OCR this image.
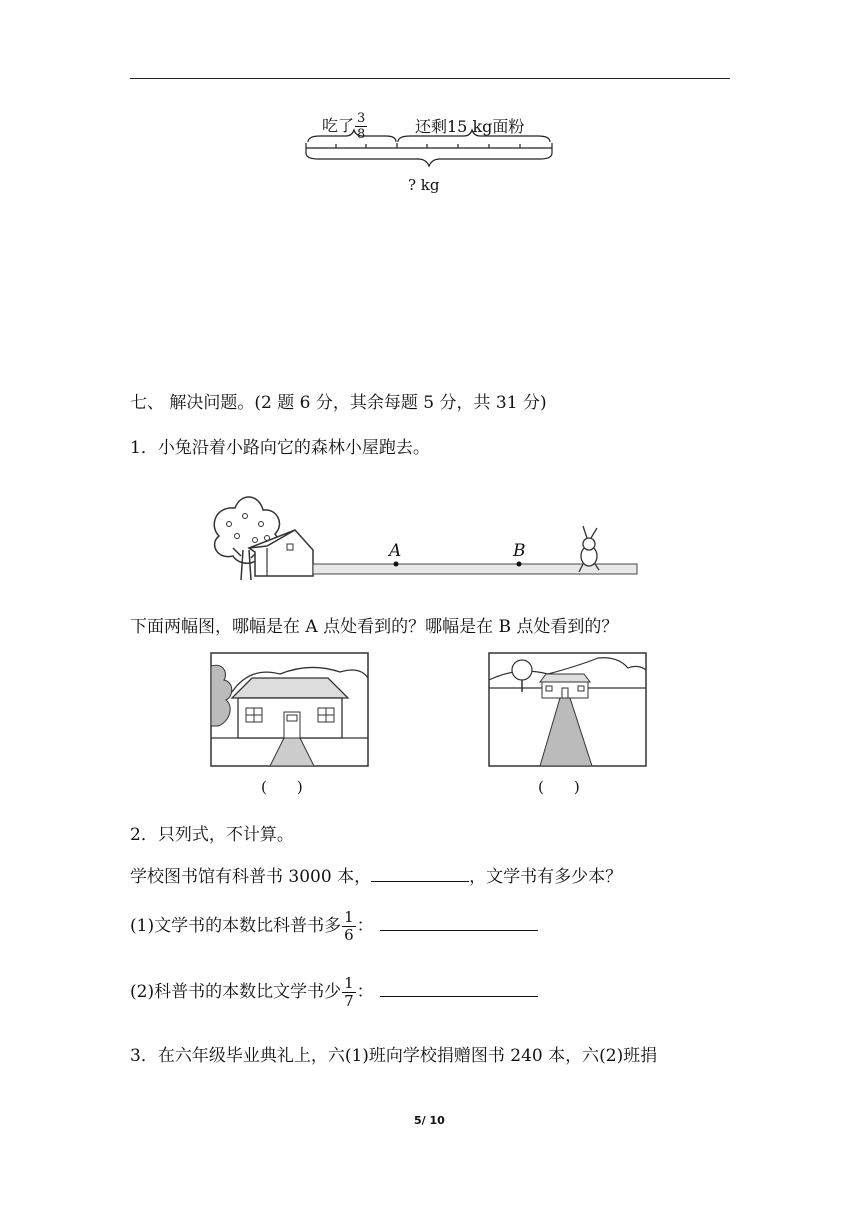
吃了 $\frac{3}{8}$	还剩15 kg面粉
? kg
七、 解决问题。(2 题 6 分，其余每题 5 分，共 31 分)
1．小兔沿着小路向它的森林小屋跑去。
A	B
下面两幅图，哪幅是在 A 点处看到的？哪幅是在 B 点处看到的？
(　　)	(　　)
2．只列式，不计算。
学校图书馆有科普书 3000 本，	，文学书有多少本？
(1)文学书的本数比科普书多 $\frac{1}{6}$ ：
(2)科普书的本数比文学书少 $\frac{1}{7}$ ：
3．在六年级毕业典礼上，六(1)班向学校捐赠图书 240 本，六(2)班捐
5/ 10
